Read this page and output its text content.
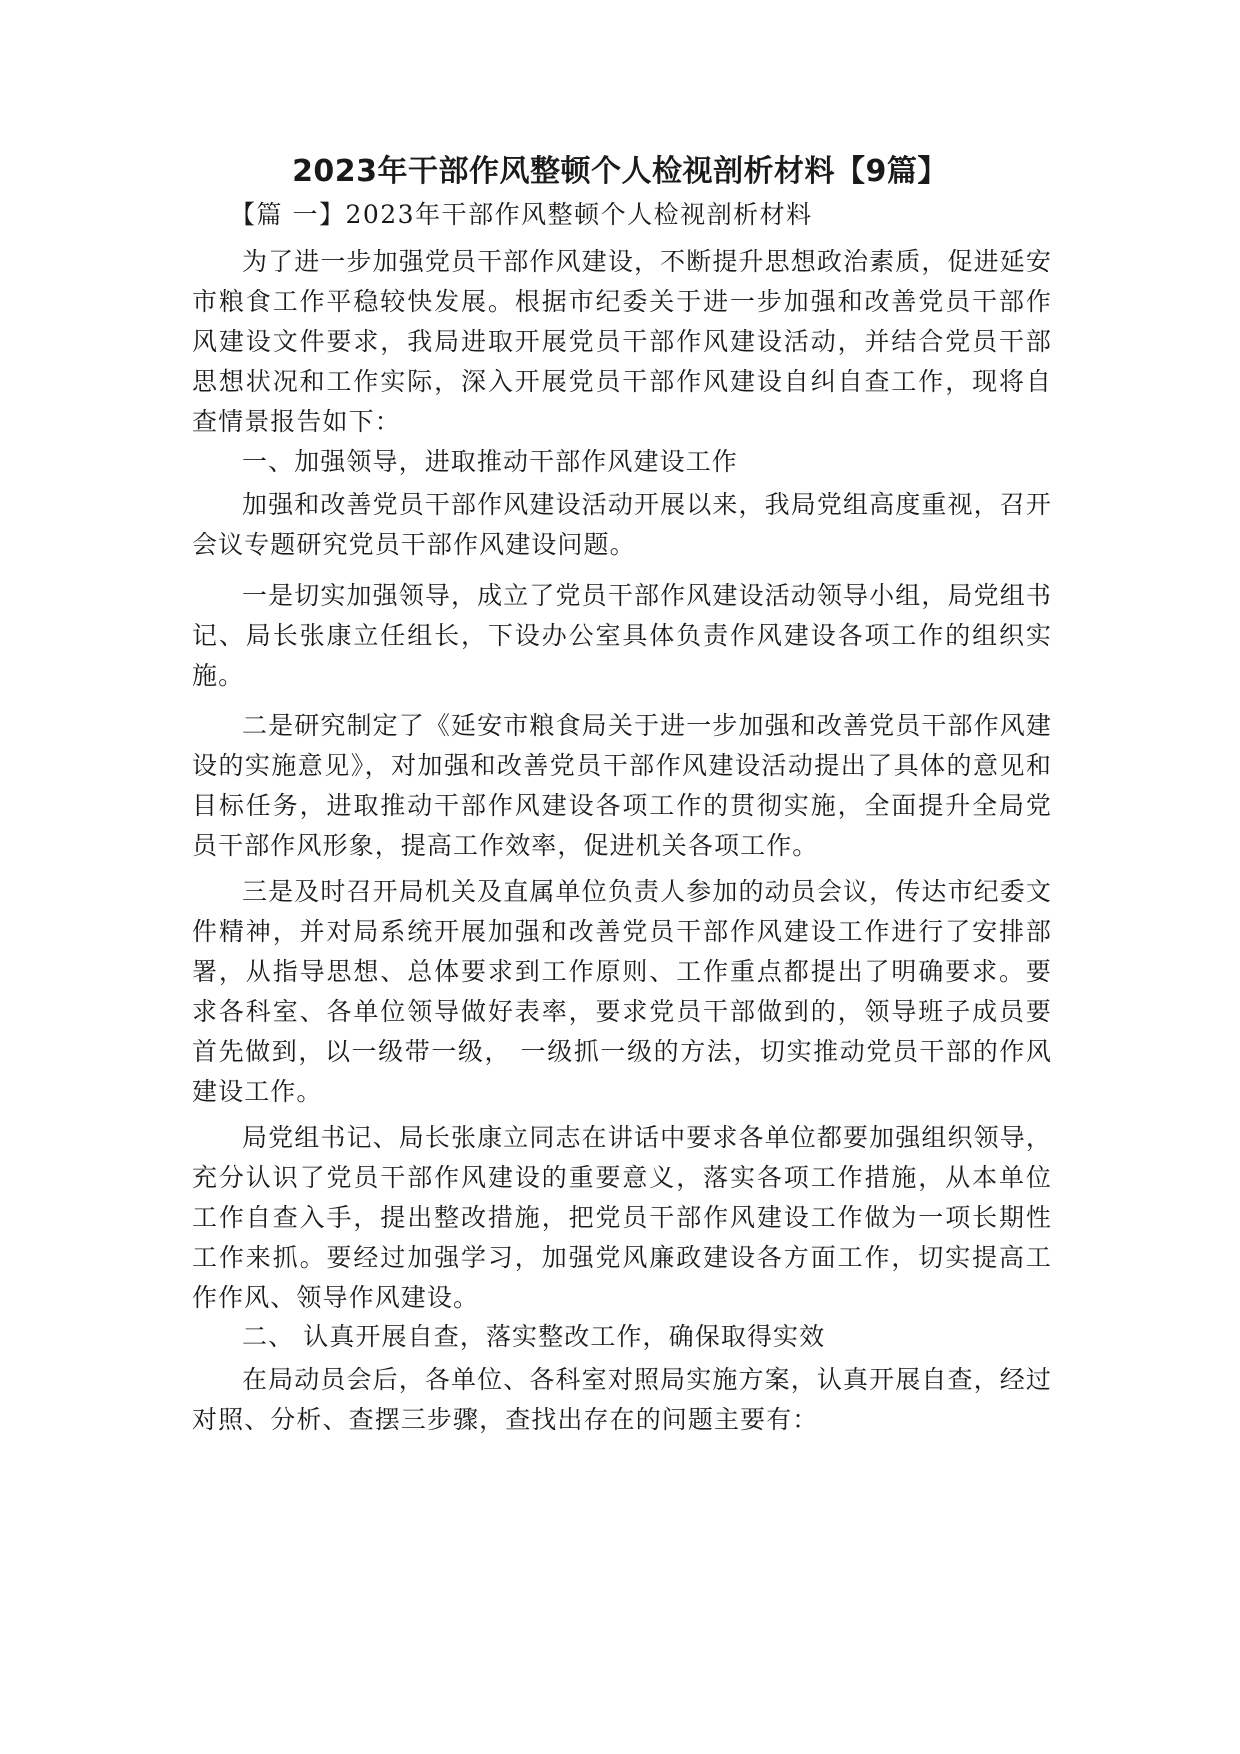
2023年干部作风整顿个人检视剖析材料【9篇】
【篇 一】2023年干部作风整顿个人检视剖析材料

为了进一步加强党员干部作风建设，不断提升思想政治素质，促进延安市粮食工作平稳较快发展。根据市纪委关于进一步加强和改善党员干部作风建设文件要求，我局进取开展党员干部作风建设活动，并结合党员干部思想状况和工作实际，深入开展党员干部作风建设自纠自查工作，现将自查情景报告如下：

一、加强领导，进取推动干部作风建设工作

加强和改善党员干部作风建设活动开展以来，我局党组高度重视，召开会议专题研究党员干部作风建设问题。

一是切实加强领导，成立了党员干部作风建设活动领导小组，局党组书记、局长张康立任组长，下设办公室具体负责作风建设各项工作的组织实施。

二是研究制定了《延安市粮食局关于进一步加强和改善党员干部作风建设的实施意见》，对加强和改善党员干部作风建设活动提出了具体的意见和目标任务，进取推动干部作风建设各项工作的贯彻实施，全面提升全局党员干部作风形象，提高工作效率，促进机关各项工作。

三是及时召开局机关及直属单位负责人参加的动员会议，传达市纪委文件精神，并对局系统开展加强和改善党员干部作风建设工作进行了安排部署，从指导思想、总体要求到工作原则、工作重点都提出了明确要求。要求各科室、各单位领导做好表率，要求党员干部做到的，领导班子成员要首先做到，以一级带一级， 一级抓一级的方法，切实推动党员干部的作风建设工作。

局党组书记、局长张康立同志在讲话中要求各单位都要加强组织领导，充分认识了党员干部作风建设的重要意义，落实各项工作措施，从本单位工作自查入手，提出整改措施，把党员干部作风建设工作做为一项长期性工作来抓。要经过加强学习，加强党风廉政建设各方面工作，切实提高工作作风、领导作风建设。

二、 认真开展自查，落实整改工作，确保取得实效

在局动员会后，各单位、各科室对照局实施方案，认真开展自查，经过对照、分析、查摆三步骤，查找出存在的问题主要有：
